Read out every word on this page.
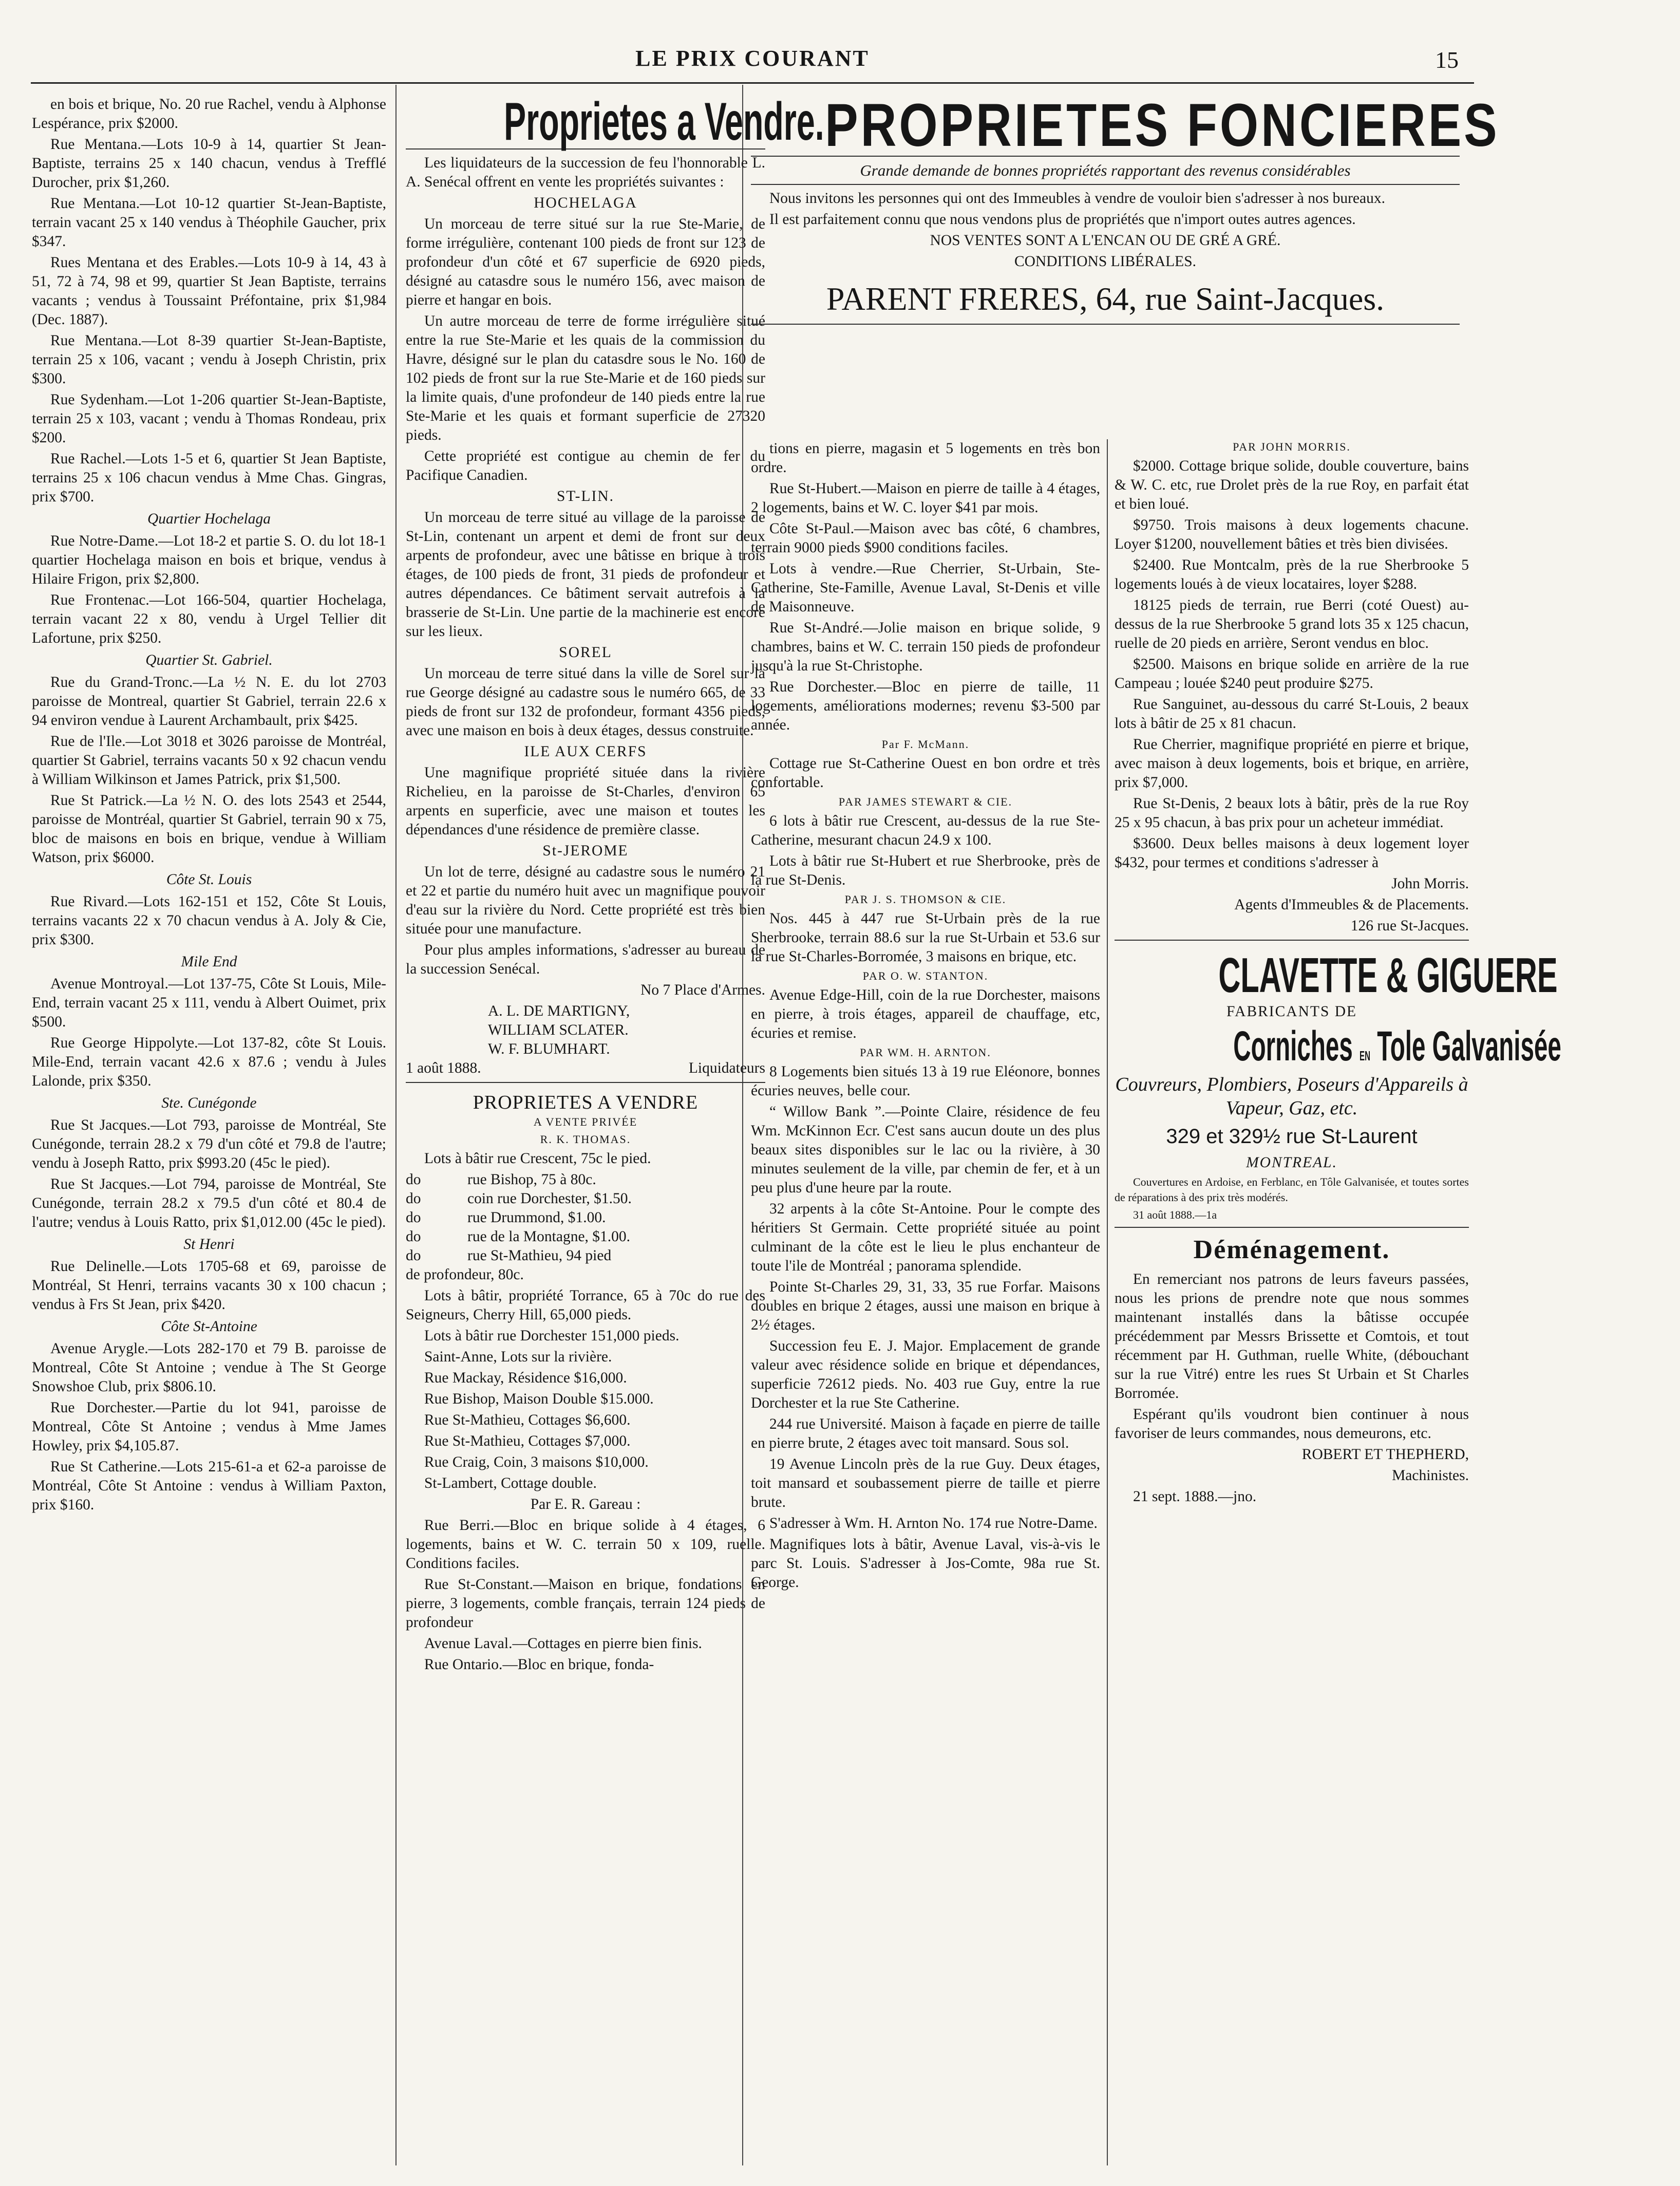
LE PRIX COURANT	15

en bois et brique, No. 20 rue Rachel, vendu à Alphonse Lespérance, prix $2000.

Rue Mentana.—Lots 10-9 à 14, quartier St Jean-Baptiste, terrains 25 x 140 chacun, vendus à Trefflé Durocher, prix $1,260.

Rue Mentana.—Lot 10-12 quartier St-Jean-Baptiste, terrain vacant 25 x 140 vendus à Théophile Gaucher, prix $347.

Rues Mentana et des Erables.—Lots 10-9 à 14, 43 à 51, 72 à 74, 98 et 99, quartier St Jean Baptiste, terrains vacants ; vendus à Toussaint Préfontaine, prix $1,984 (Dec. 1887).

Rue Mentana.—Lot 8-39 quartier St-Jean-Baptiste, terrain 25 x 106, vacant ; vendu à Joseph Christin, prix $300.

Rue Sydenham.—Lot 1-206 quartier St-Jean-Baptiste, terrain 25 x 103, vacant ; vendu à Thomas Rondeau, prix $200.

Rue Rachel.—Lots 1-5 et 6, quartier St Jean Baptiste, terrains 25 x 106 chacun vendus à Mme Chas. Gingras, prix $700.

Quartier Hochelaga

Rue Notre-Dame.—Lot 18-2 et partie S. O. du lot 18-1 quartier Hochelaga maison en bois et brique, vendus à Hilaire Frigon, prix $2,800.

Rue Frontenac.—Lot 166-504, quartier Hochelaga, terrain vacant 22 x 80, vendu à Urgel Tellier dit Lafortune, prix $250.

Quartier St. Gabriel.

Rue du Grand-Tronc.—La ½ N. E. du lot 2703 paroisse de Montreal, quartier St Gabriel, terrain 22.6 x 94 environ vendue à Laurent Archambault, prix $425.

Rue de l'Ile.—Lot 3018 et 3026 paroisse de Montréal, quartier St Gabriel, terrains vacants 50 x 92 chacun vendu à William Wilkinson et James Patrick, prix $1,500.

Rue St Patrick.—La ½ N. O. des lots 2543 et 2544, paroisse de Montréal, quartier St Gabriel, terrain 90 x 75, bloc de maisons en bois en brique, vendue à William Watson, prix $6000.

Côte St. Louis

Rue Rivard.—Lots 162-151 et 152, Côte St Louis, terrains vacants 22 x 70 chacun vendus à A. Joly & Cie, prix $300.

Mile End

Avenue Montroyal.—Lot 137-75, Côte St Louis, Mile-End, terrain vacant 25 x 111, vendu à Albert Ouimet, prix $500.

Rue George Hippolyte.—Lot 137-82, côte St Louis. Mile-End, terrain vacant 42.6 x 87.6 ; vendu à Jules Lalonde, prix $350.

Ste. Cunégonde

Rue St Jacques.—Lot 793, paroisse de Montréal, Ste Cunégonde, terrain 28.2 x 79 d'un côté et 79.8 de l'autre; vendu à Joseph Ratto, prix $993.20 (45c le pied).

Rue St Jacques.—Lot 794, paroisse de Montréal, Ste Cunégonde, terrain 28.2 x 79.5 d'un côté et 80.4 de l'autre; vendus à Louis Ratto, prix $1,012.00 (45c le pied).

St Henri

Rue Delinelle.—Lots 1705-68 et 69, paroisse de Montréal, St Henri, terrains vacants 30 x 100 chacun ; vendus à Frs St Jean, prix $420.

Côte St-Antoine

Avenue Arygle.—Lots 282-170 et 79 B. paroisse de Montreal, Côte St Antoine ; vendue à The St George Snowshoe Club, prix $806.10.

Rue Dorchester.—Partie du lot 941, paroisse de Montreal, Côte St Antoine ; vendus à Mme James Howley, prix $4,105.87.

Rue St Catherine.—Lots 215-61-a et 62-a paroisse de Montréal, Côte St Antoine : vendus à William Paxton, prix $160.

Proprietes a Vendre.

Les liquidateurs de la succession de feu l'honnorable L. A. Senécal offrent en vente les propriétés suivantes :

HOCHELAGA

Un morceau de terre situé sur la rue Ste-Marie, de forme irrégulière, contenant 100 pieds de front sur 123 de profondeur d'un côté et 67 superficie de 6920 pieds, désigné au catasdre sous le numéro 156, avec maison de pierre et hangar en bois.

Un autre morceau de terre de forme irrégulière situé entre la rue Ste-Marie et les quais de la commission du Havre, désigné sur le plan du catasdre sous le No. 160 de 102 pieds de front sur la rue Ste-Marie et de 160 pieds sur la limite quais, d'une profondeur de 140 pieds entre la rue Ste-Marie et les quais et formant superficie de 27320 pieds.

Cette propriété est contigue au chemin de fer du Pacifique Canadien.

ST-LIN.

Un morceau de terre situé au village de la paroisse de St-Lin, contenant un arpent et demi de front sur deux arpents de profondeur, avec une bâtisse en brique à trois étages, de 100 pieds de front, 31 pieds de profondeur et autres dépendances. Ce bâtiment servait autrefois à la brasserie de St-Lin. Une partie de la machinerie est encore sur les lieux.

SOREL

Un morceau de terre situé dans la ville de Sorel sur la rue George désigné au cadastre sous le numéro 665, de 33 pieds de front sur 132 de profondeur, formant 4356 pieds, avec une maison en bois à deux étages, dessus construite.

ILE AUX CERFS

Une magnifique propriété située dans la rivière Richelieu, en la paroisse de St-Charles, d'environ 65 arpents en superficie, avec une maison et toutes les dépendances d'une résidence de première classe.

St-JEROME

Un lot de terre, désigné au cadastre sous le numéro 21 et 22 et partie du numéro huit avec un magnifique pouvoir d'eau sur la rivière du Nord. Cette propriété est très bien située pour une manufacture.

Pour plus amples informations, s'adresser au bureau de la succession Senécal.

No 7 Place d'Armes.

A. L. DE MARTIGNY,
WILLIAM SCLATER.
W. F. BLUMHART.
1 août 1888.	Liquidateurs

PROPRIETES A VENDRE

A VENTE PRIVÉE

R. K. THOMAS.

Lots à bâtir rue Crescent, 75c le pied.

do	rue Bishop, 75 à 80c.
do	coin rue Dorchester, $1.50.
do	rue Drummond, $1.00.
do	rue de la Montagne, $1.00.
do	rue St-Mathieu, 94 pied

de profondeur, 80c.

Lots à bâtir, propriété Torrance, 65 à 70c do rue des Seigneurs, Cherry Hill, 65,000 pieds.

Lots à bâtir rue Dorchester 151,000 pieds.

Saint-Anne, Lots sur la rivière.

Rue Mackay, Résidence $16,000.

Rue Bishop, Maison Double $15.000.

Rue St-Mathieu, Cottages $6,600.

Rue St-Mathieu, Cottages $7,000.

Rue Craig, Coin, 3 maisons $10,000.

St-Lambert, Cottage double.

Par E. R. Gareau :

Rue Berri.—Bloc en brique solide à 4 étages, 6 logements, bains et W. C. terrain 50 x 109, ruelle. Conditions faciles.

Rue St-Constant.—Maison en brique, fondations en pierre, 3 logements, comble français, terrain 124 pieds de profondeur

Avenue Laval.—Cottages en pierre bien finis.

Rue Ontario.—Bloc en brique, fonda-

PROPRIETES FONCIERES

Grande demande de bonnes propriétés rapportant des revenus considérables

Nous invitons les personnes qui ont des Immeubles à vendre de vouloir bien s'adresser à nos bureaux.

Il est parfaitement connu que nous vendons plus de propriétés que n'import outes autres agences.

NOS VENTES SONT A L'ENCAN OU DE GRÉ A GRÉ.

CONDITIONS LIBÉRALES.

PARENT FRERES, 64, rue Saint-Jacques.

tions en pierre, magasin et 5 logements en très bon ordre.

Rue St-Hubert.—Maison en pierre de taille à 4 étages, 2 logements, bains et W. C. loyer $41 par mois.

Côte St-Paul.—Maison avec bas côté, 6 chambres, terrain 9000 pieds $900 conditions faciles.

Lots à vendre.—Rue Cherrier, St-Urbain, Ste-Catherine, Ste-Famille, Avenue Laval, St-Denis et ville de Maisonneuve.

Rue St-André.—Jolie maison en brique solide, 9 chambres, bains et W. C. terrain 150 pieds de profondeur jusqu'à la rue St-Christophe.

Rue Dorchester.—Bloc en pierre de taille, 11 logements, améliorations modernes; revenu $3-500 par année.

Par F. McMann.

Cottage rue St-Catherine Ouest en bon ordre et très confortable.

PAR JAMES STEWART & CIE.

6 lots à bâtir rue Crescent, au-dessus de la rue Ste-Catherine, mesurant chacun 24.9 x 100.

Lots à bâtir rue St-Hubert et rue Sherbrooke, près de la rue St-Denis.

PAR J. S. THOMSON & CIE.

Nos. 445 à 447 rue St-Urbain près de la rue Sherbrooke, terrain 88.6 sur la rue St-Urbain et 53.6 sur la rue St-Charles-Borromée, 3 maisons en brique, etc.

PAR O. W. STANTON.

Avenue Edge-Hill, coin de la rue Dorchester, maisons en pierre, à trois étages, appareil de chauffage, etc, écuries et remise.

PAR WM. H. ARNTON.

8 Logements bien situés 13 à 19 rue Eléonore, bonnes écuries neuves, belle cour.

“ Willow Bank ”.—Pointe Claire, résidence de feu Wm. McKinnon Ecr. C'est sans aucun doute un des plus beaux sites disponibles sur le lac ou la rivière, à 30 minutes seulement de la ville, par chemin de fer, et à un peu plus d'une heure par la route.

32 arpents à la côte St-Antoine. Pour le compte des héritiers St Germain. Cette propriété située au point culminant de la côte est le lieu le plus enchanteur de toute l'ile de Montréal ; panorama splendide.

Pointe St-Charles 29, 31, 33, 35 rue Forfar. Maisons doubles en brique 2 étages, aussi une maison en brique à 2½ étages.

Succession feu E. J. Major. Emplacement de grande valeur avec résidence solide en brique et dépendances, superficie 72612 pieds. No. 403 rue Guy, entre la rue Dorchester et la rue Ste Catherine.

244 rue Université. Maison à façade en pierre de taille en pierre brute, 2 étages avec toit mansard. Sous sol.

19 Avenue Lincoln près de la rue Guy. Deux étages, toit mansard et soubassement pierre de taille et pierre brute.

S'adresser à Wm. H. Arnton No. 174 rue Notre-Dame.

Magnifiques lots à bâtir, Avenue Laval, vis-à-vis le parc St. Louis. S'adresser à Jos-Comte, 98a rue St. George.

PAR JOHN MORRIS.

$2000. Cottage brique solide, double couverture, bains & W. C. etc, rue Drolet près de la rue Roy, en parfait état et bien loué.

$9750. Trois maisons à deux logements chacune. Loyer $1200, nouvellement bâties et très bien divisées.

$2400. Rue Montcalm, près de la rue Sherbrooke 5 logements loués à de vieux locataires, loyer $288.

18125 pieds de terrain, rue Berri (coté Ouest) au-dessus de la rue Sherbrooke 5 grand lots 35 x 125 chacun, ruelle de 20 pieds en arrière, Seront vendus en bloc.

$2500. Maisons en brique solide en arrière de la rue Campeau ; louée $240 peut produire $275.

Rue Sanguinet, au-dessous du carré St-Louis, 2 beaux lots à bâtir de 25 x 81 chacun.

Rue Cherrier, magnifique propriété en pierre et brique, avec maison à deux logements, bois et brique, en arrière, prix $7,000.

Rue St-Denis, 2 beaux lots à bâtir, près de la rue Roy 25 x 95 chacun, à bas prix pour un acheteur immédiat.

$3600. Deux belles maisons à deux logement loyer $432, pour termes et conditions s'adresser à

John Morris.

Agents d'Immeubles & de Placements.

126 rue St-Jacques.

CLAVETTE & GIGUERE

FABRICANTS DE

Corniches EN Tole Galvanisée

Couvreurs, Plombiers, Poseurs d'Appareils à Vapeur, Gaz, etc.

329 et 329½ rue St-Laurent

MONTREAL.

Couvertures en Ardoise, en Ferblanc, en Tôle Galvanisée, et toutes sortes de réparations à des prix très modérés.

31 août 1888.—1a

Déménagement.

En remerciant nos patrons de leurs faveurs passées, nous les prions de prendre note que nous sommes maintenant installés dans la bâtisse occupée précédemment par Messrs Brissette et Comtois, et tout récemment par H. Guthman, ruelle White, (débouchant sur la rue Vitré) entre les rues St Urbain et St Charles Borromée.

Espérant qu'ils voudront bien continuer à nous favoriser de leurs commandes, nous demeurons, etc.

ROBERT ET THEPHERD,

Machinistes.

21 sept. 1888.—jno.
